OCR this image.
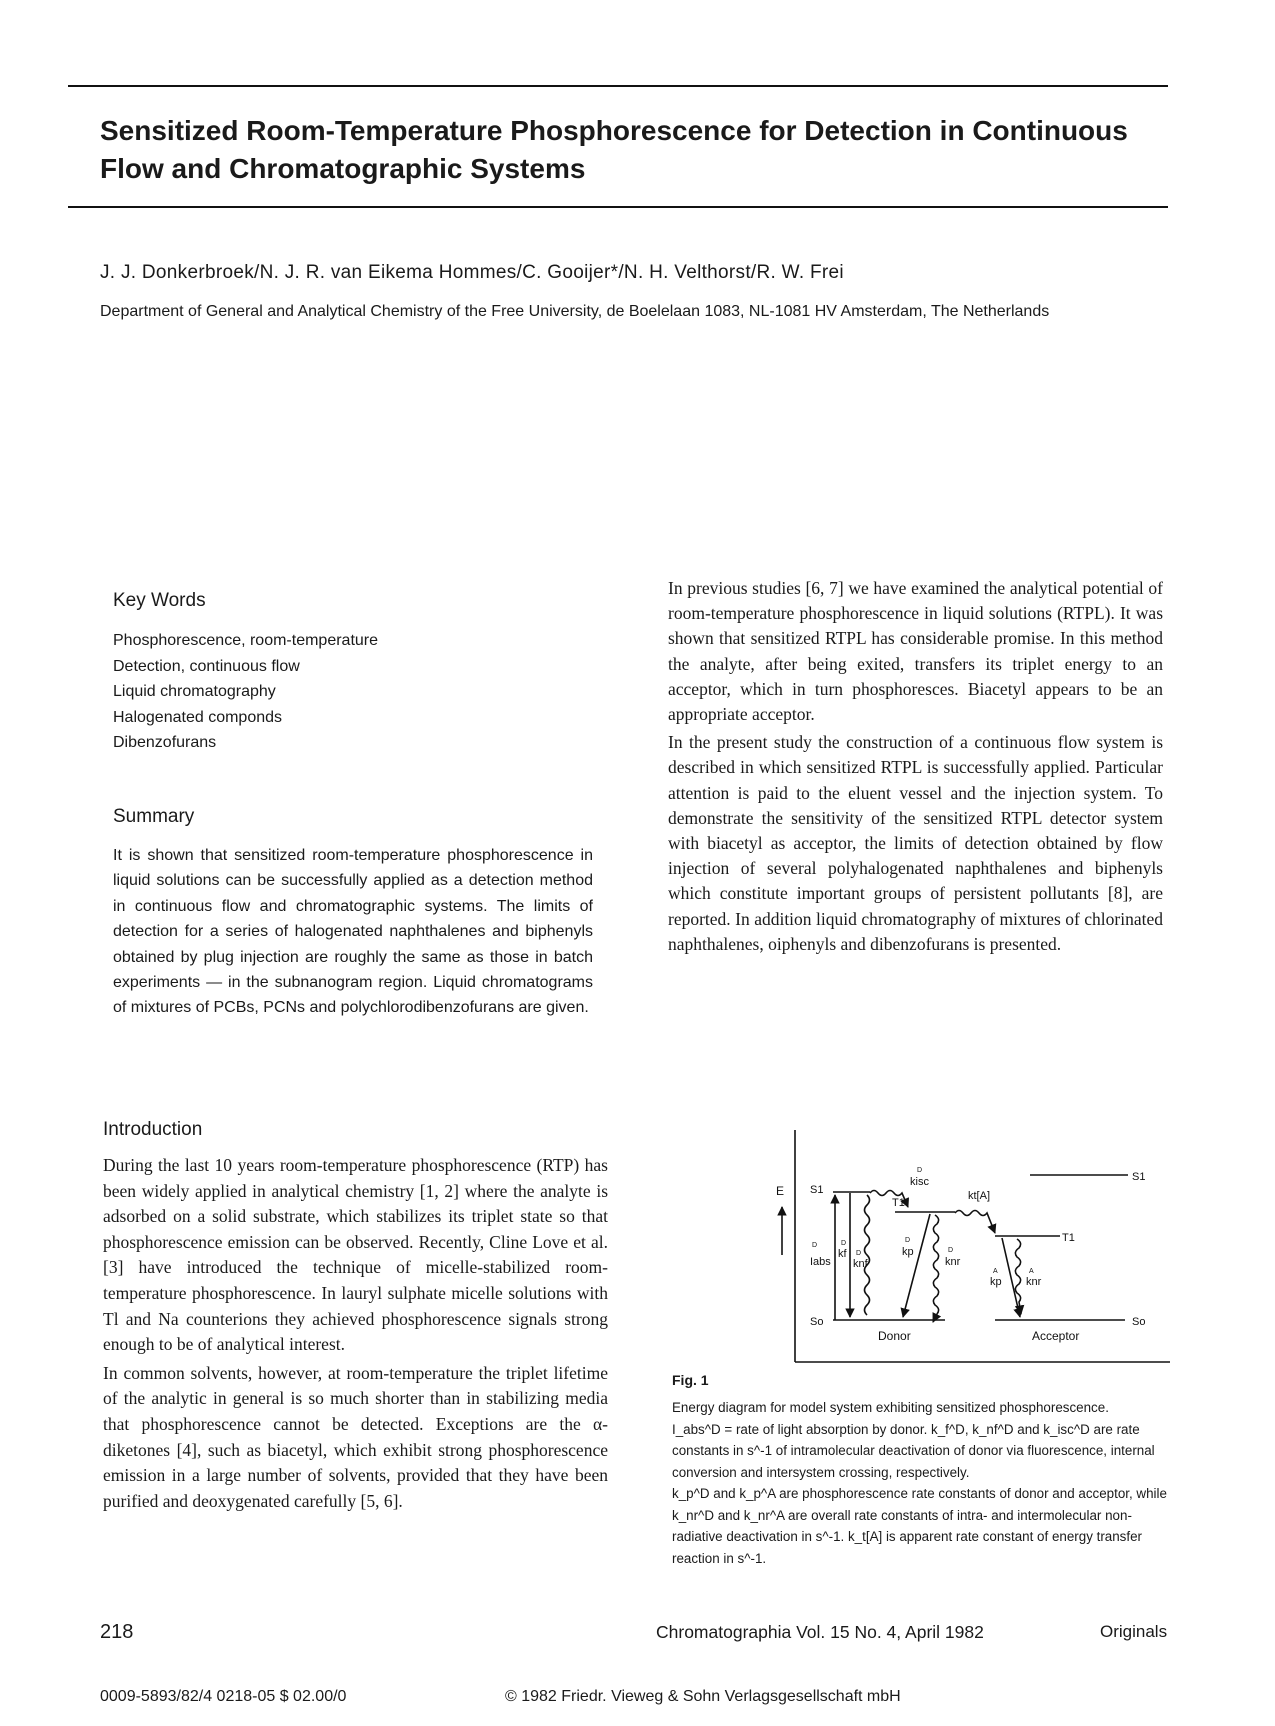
Sensitized Room-Temperature Phosphorescence for Detection in Continuous Flow and Chromatographic Systems

J. J. Donkerbroek/N. J. R. van Eikema Hommes/C. Gooijer*/N. H. Velthorst/R. W. Frei

Department of General and Analytical Chemistry of the Free University, de Boelelaan 1083, NL-1081 HV Amsterdam, The Netherlands

Key Words
Phosphorescence, room-temperature
Detection, continuous flow
Liquid chromatography
Halogenated componds
Dibenzofurans
Summary

It is shown that sensitized room-temperature phosphorescence in liquid solutions can be successfully applied as a detection method in continuous flow and chromatographic systems. The limits of detection for a series of halogenated naphthalenes and biphenyls obtained by plug injection are roughly the same as those in batch experiments — in the subnanogram region. Liquid chromatograms of mixtures of PCBs, PCNs and polychlorodibenzofurans are given.

Introduction

During the last 10 years room-temperature phosphorescence (RTP) has been widely applied in analytical chemistry [1, 2] where the analyte is adsorbed on a solid substrate, which stabilizes its triplet state so that phosphorescence emission can be observed. Recently, Cline Love et al. [3] have introduced the technique of micelle-stabilized room-temperature phosphorescence. In lauryl sulphate micelle solutions with Tl and Na counterions they achieved phosphorescence signals strong enough to be of analytical interest.

In common solvents, however, at room-temperature the triplet lifetime of the analytic in general is so much shorter than in stabilizing media that phosphorescence cannot be detected. Exceptions are the α-diketones [4], such as biacetyl, which exhibit strong phosphorescence emission in a large number of solvents, provided that they have been purified and deoxygenated carefully [5, 6].

In previous studies [6, 7] we have examined the analytical potential of room-temperature phosphorescence in liquid solutions (RTPL). It was shown that sensitized RTPL has considerable promise. In this method the analyte, after being exited, transfers its triplet energy to an acceptor, which in turn phosphoresces. Biacetyl appears to be an appropriate acceptor.

In the present study the construction of a continuous flow system is described in which sensitized RTPL is successfully applied. Particular attention is paid to the eluent vessel and the injection system. To demonstrate the sensitivity of the sensitized RTPL detector system with biacetyl as acceptor, the limits of detection obtained by flow injection of several polyhalogenated naphthalenes and biphenyls which constitute important groups of persistent pollutants [8], are reported. In addition liquid chromatography of mixtures of chlorinated naphthalenes, oiphenyls and dibenzofurans is presented.

E S1
So
T1
S1
T1
So
kisc
D
kt[A]
Iabs
D
kf
D
knf
D	kp
D
knr
D
kp
A
knr
A
Donor	Acceptor

Fig. 1

Energy diagram for model system exhibiting sensitized phosphorescence.

I_abs^D = rate of light absorption by donor. k_f^D, k_nf^D and k_isc^D are rate constants in s^-1 of intramolecular deactivation of donor via fluorescence, internal conversion and intersystem crossing, respectively.

k_p^D and k_p^A are phosphorescence rate constants of donor and acceptor, while k_nr^D and k_nr^A are overall rate constants of intra- and intermolecular non-radiative deactivation in s^-1. k_t[A] is apparent rate constant of energy transfer reaction in s^-1.

218	Chromatographia Vol. 15 No. 4, April 1982	Originals

0009-5893/82/4 0218-05 $ 02.00/0	© 1982 Friedr. Vieweg & Sohn Verlagsgesellschaft mbH
